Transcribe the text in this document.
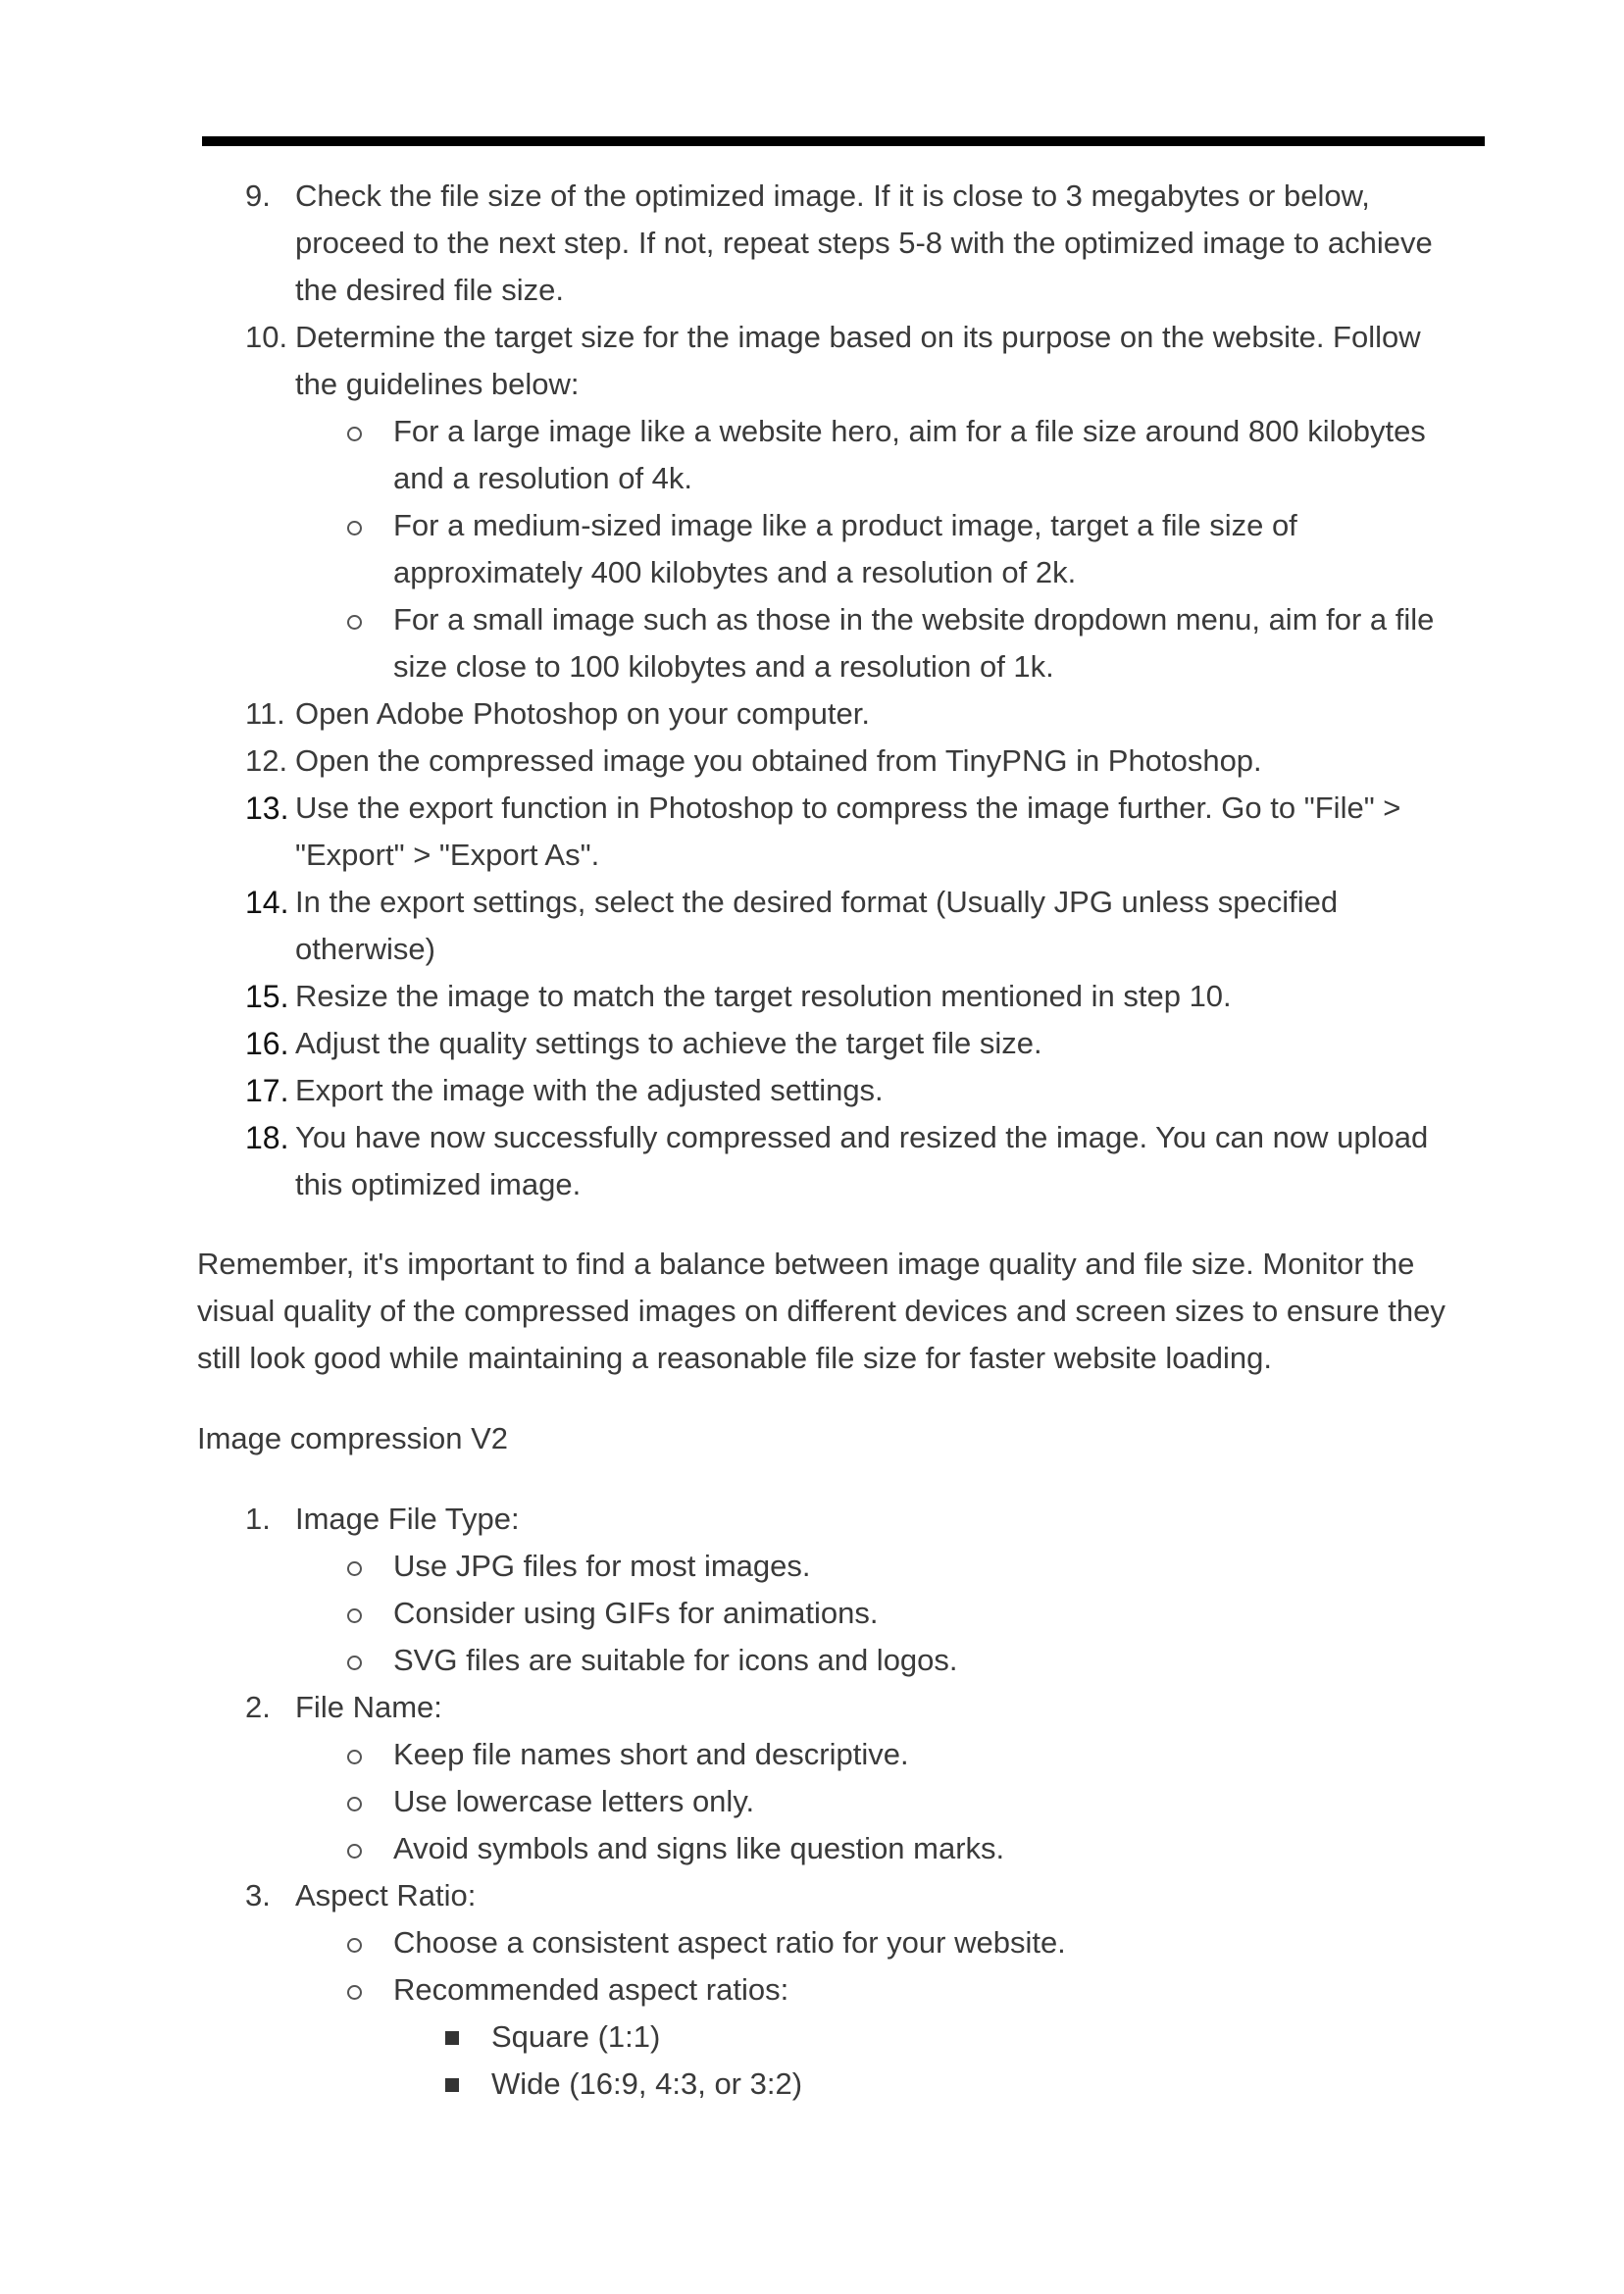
9. Check the file size of the optimized image. If it is close to 3 megabytes or below,
proceed to the next step. If not, repeat steps 5-8 with the optimized image to achieve
the desired file size.
10. Determine the target size for the image based on its purpose on the website. Follow
the guidelines below:
For a large image like a website hero, aim for a file size around 800 kilobytes
and a resolution of 4k.
For a medium-sized image like a product image, target a file size of
approximately 400 kilobytes and a resolution of 2k.
For a small image such as those in the website dropdown menu, aim for a file
size close to 100 kilobytes and a resolution of 1k.
11. Open Adobe Photoshop on your computer.
12. Open the compressed image you obtained from TinyPNG in Photoshop.
13. Use the export function in Photoshop to compress the image further. Go to "File" >
"Export" > "Export As".
14. In the export settings, select the desired format (Usually JPG unless specified
otherwise)
15. Resize the image to match the target resolution mentioned in step 10.
16. Adjust the quality settings to achieve the target file size.
17. Export the image with the adjusted settings.
18. You have now successfully compressed and resized the image. You can now upload
this optimized image.
Remember, it's important to find a balance between image quality and file size. Monitor the
visual quality of the compressed images on different devices and screen sizes to ensure they
still look good while maintaining a reasonable file size for faster website loading.
Image compression V2
1. Image File Type:
Use JPG files for most images.
Consider using GIFs for animations.
SVG files are suitable for icons and logos.
2. File Name:
Keep file names short and descriptive.
Use lowercase letters only.
Avoid symbols and signs like question marks.
3. Aspect Ratio:
Choose a consistent aspect ratio for your website.
Recommended aspect ratios:
Square (1:1)
Wide (16:9, 4:3, or 3:2)
